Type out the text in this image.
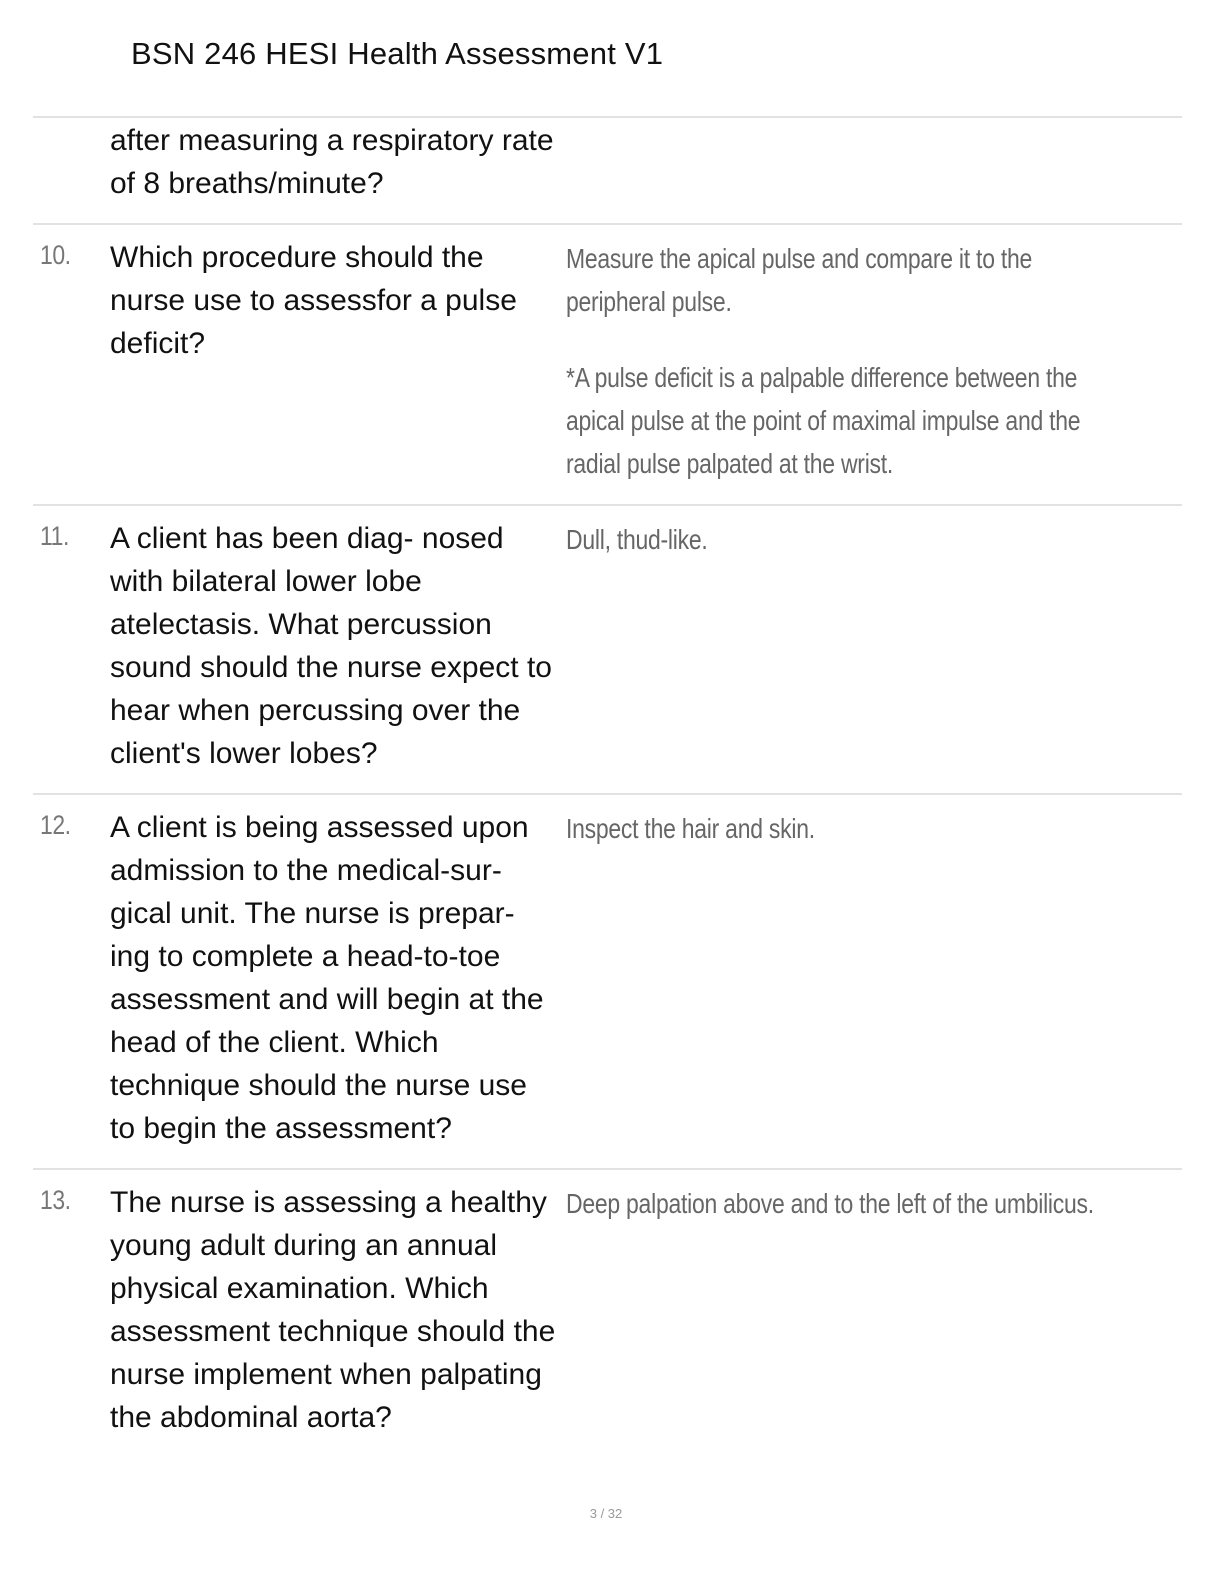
BSN 246 HESI Health Assessment V1
after measuring a respiratory rate of 8 breaths/minute?
10. Which procedure should the nurse use to assessfor a pulse deficit?

Measure the apical pulse and compare it to the peripheral pulse.

*A pulse deficit is a palpable difference between the apical pulse at the point of maximal impulse and the radial pulse palpated at the wrist.

11. A client has been diag- nosed with bilateral lower lobe atelectasis. What percussion sound should the nurse expect to hear when percussing over the client's lower lobes?

Dull, thud-like.

12. A client is being assessed upon admission to the medical-sur- gical unit. The nurse is prepar- ing to complete a head-to-toe assessment and will begin at the head of the client. Which technique should the nurse use to begin the assessment?

Inspect the hair and skin.

13. The nurse is assessing a healthy young adult during an annual physical examination. Which assessment technique should the nurse implement when palpating the abdominal aorta?

Deep palpation above and to the left of the umbilicus.

3 / 32
